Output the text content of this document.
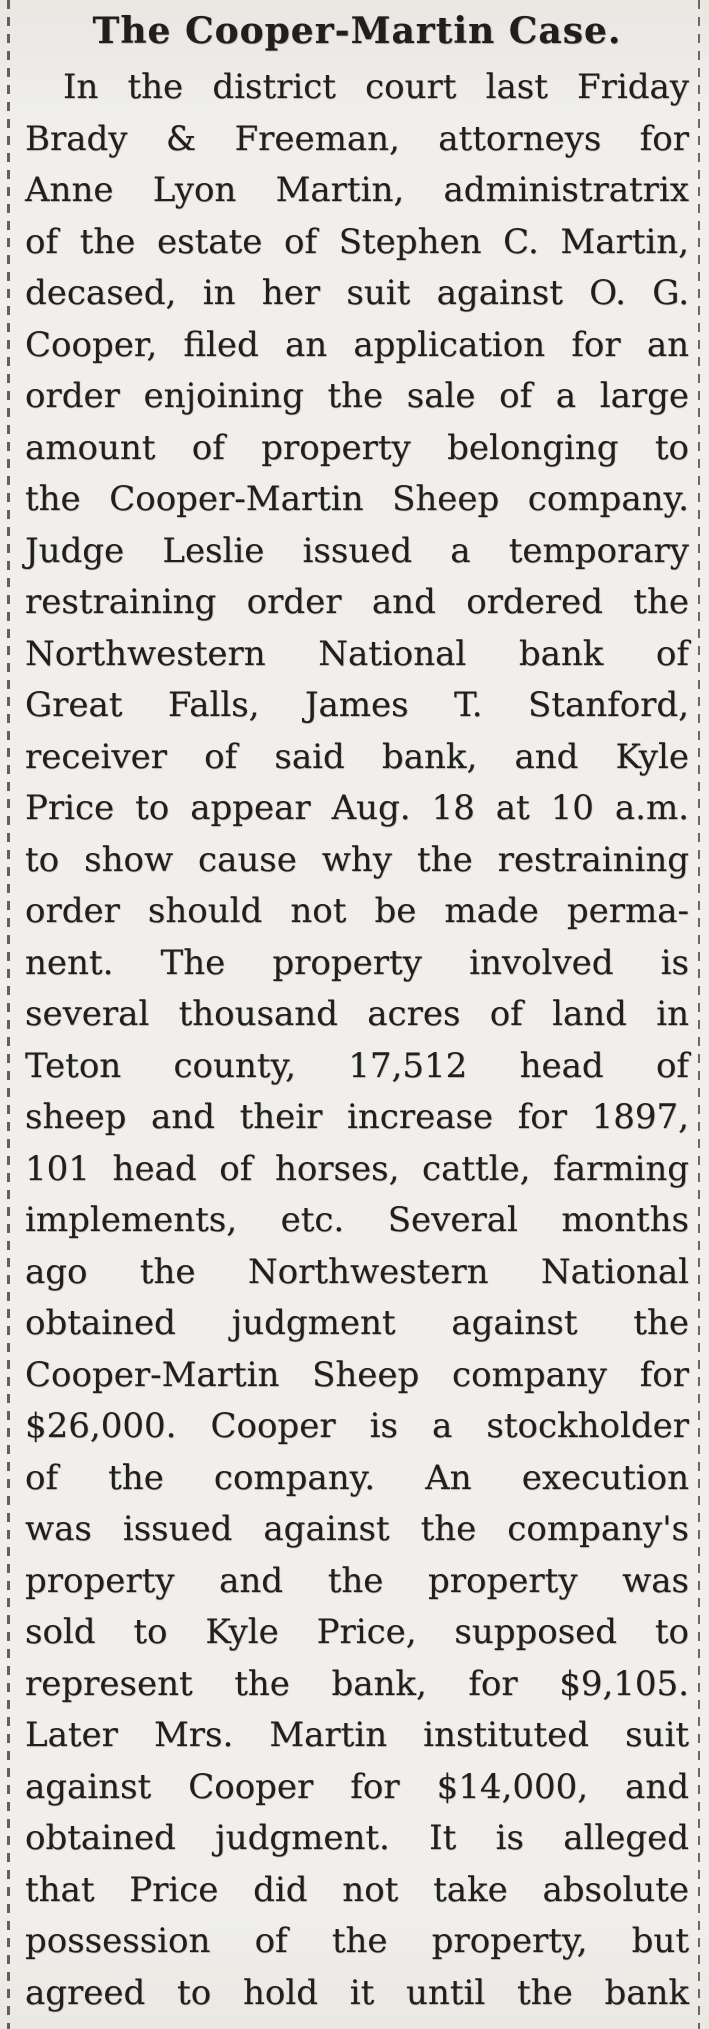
The Cooper-Martin Case.
In the district court last Friday
Brady & Freeman, attorneys for
Anne Lyon Martin, administratrix
of the estate of Stephen C. Martin,
decased, in her suit against O. G.
Cooper, filed an application for an
order enjoining the sale of a large
amount of property belonging to
the Cooper-Martin Sheep company.
Judge Leslie issued a temporary
restraining order and ordered the
Northwestern National bank of
Great Falls, James T. Stanford,
receiver of said bank, and Kyle
Price to appear Aug. 18 at 10 a.m.
to show cause why the restraining
order should not be made perma-
nent. The property involved is
several thousand acres of land in
Teton county, 17,512 head of
sheep and their increase for 1897,
101 head of horses, cattle, farming
implements, etc. Several months
ago the Northwestern National
obtained judgment against the
Cooper-Martin Sheep company for
$26,000. Cooper is a stockholder
of the company. An execution
was issued against the company's
property and the property was
sold to Kyle Price, supposed to
represent the bank, for $9,105.
Later Mrs. Martin instituted suit
against Cooper for $14,000, and
obtained judgment. It is alleged
that Price did not take absolute
possession of the property, but
agreed to hold it until the bank
